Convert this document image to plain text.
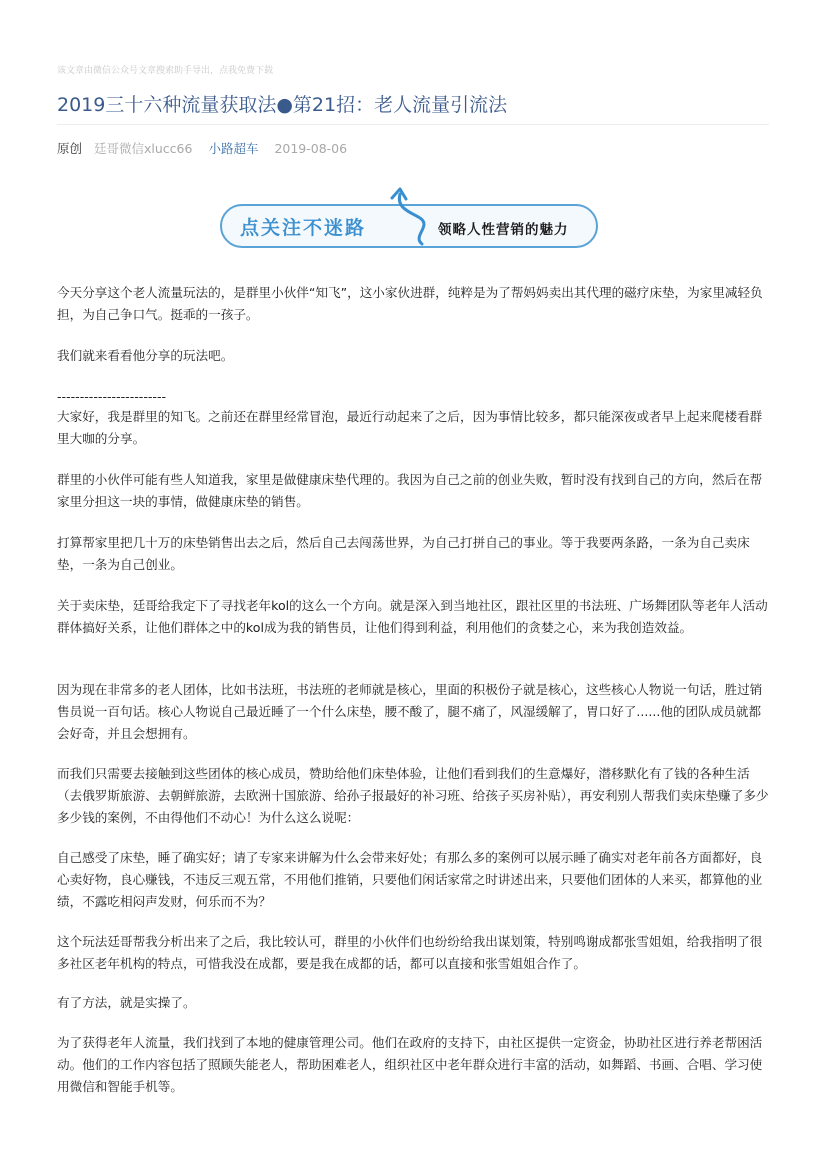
该文章由微信公众号文章搜索助手导出，点我免费下载
2019三十六种流量获取法●第21招：老人流量引流法
原创 廷哥微信xlucc66 小路超车 2019-08-06
点关注不迷路	领略人性营销的魅力

今天分享这个老人流量玩法的，是群里小伙伴“知飞”，这小家伙进群，纯粹是为了帮妈妈卖出其代理的磁疗床垫，为家里减轻负担，为自己争口气。挺乖的一孩子。

我们就来看看他分享的玩法吧。

------------------------

大家好，我是群里的知飞。之前还在群里经常冒泡，最近行动起来了之后，因为事情比较多，都只能深夜或者早上起来爬楼看群里大咖的分享。

群里的小伙伴可能有些人知道我，家里是做健康床垫代理的。我因为自己之前的创业失败，暂时没有找到自己的方向，然后在帮家里分担这一块的事情，做健康床垫的销售。

打算帮家里把几十万的床垫销售出去之后，然后自己去闯荡世界，为自己打拼自己的事业。等于我要两条路，一条为自己卖床垫，一条为自己创业。

关于卖床垫，廷哥给我定下了寻找老年kol的这么一个方向。就是深入到当地社区，跟社区里的书法班、广场舞团队等老年人活动群体搞好关系，让他们群体之中的kol成为我的销售员，让他们得到利益，利用他们的贪婪之心，来为我创造效益。

因为现在非常多的老人团体，比如书法班，书法班的老师就是核心，里面的积极份子就是核心，这些核心人物说一句话，胜过销售员说一百句话。核心人物说自己最近睡了一个什么床垫，腰不酸了，腿不痛了，风湿缓解了，胃口好了......他的团队成员就都会好奇，并且会想拥有。

而我们只需要去接触到这些团体的核心成员，赞助给他们床垫体验，让他们看到我们的生意爆好，潜移默化有了钱的各种生活（去俄罗斯旅游、去朝鲜旅游，去欧洲十国旅游、给孙子报最好的补习班、给孩子买房补贴），再安利别人帮我们卖床垫赚了多少多少钱的案例，不由得他们不动心！为什么这么说呢：

自己感受了床垫，睡了确实好；请了专家来讲解为什么会带来好处；有那么多的案例可以展示睡了确实对老年前各方面都好，良心卖好物，良心赚钱，不违反三观五常，不用他们推销，只要他们闲话家常之时讲述出来，只要他们团体的人来买，都算他的业绩，不露吃相闷声发财，何乐而不为？

这个玩法廷哥帮我分析出来了之后，我比较认可，群里的小伙伴们也纷纷给我出谋划策，特别鸣谢成都张雪姐姐，给我指明了很多社区老年机构的特点，可惜我没在成都，要是我在成都的话，都可以直接和张雪姐姐合作了。

有了方法，就是实操了。

为了获得老年人流量，我们找到了本地的健康管理公司。他们在政府的支持下，由社区提供一定资金，协助社区进行养老帮困活动。他们的工作内容包括了照顾失能老人，帮助困难老人，组织社区中老年群众进行丰富的活动，如舞蹈、书画、合唱、学习使用微信和智能手机等。
